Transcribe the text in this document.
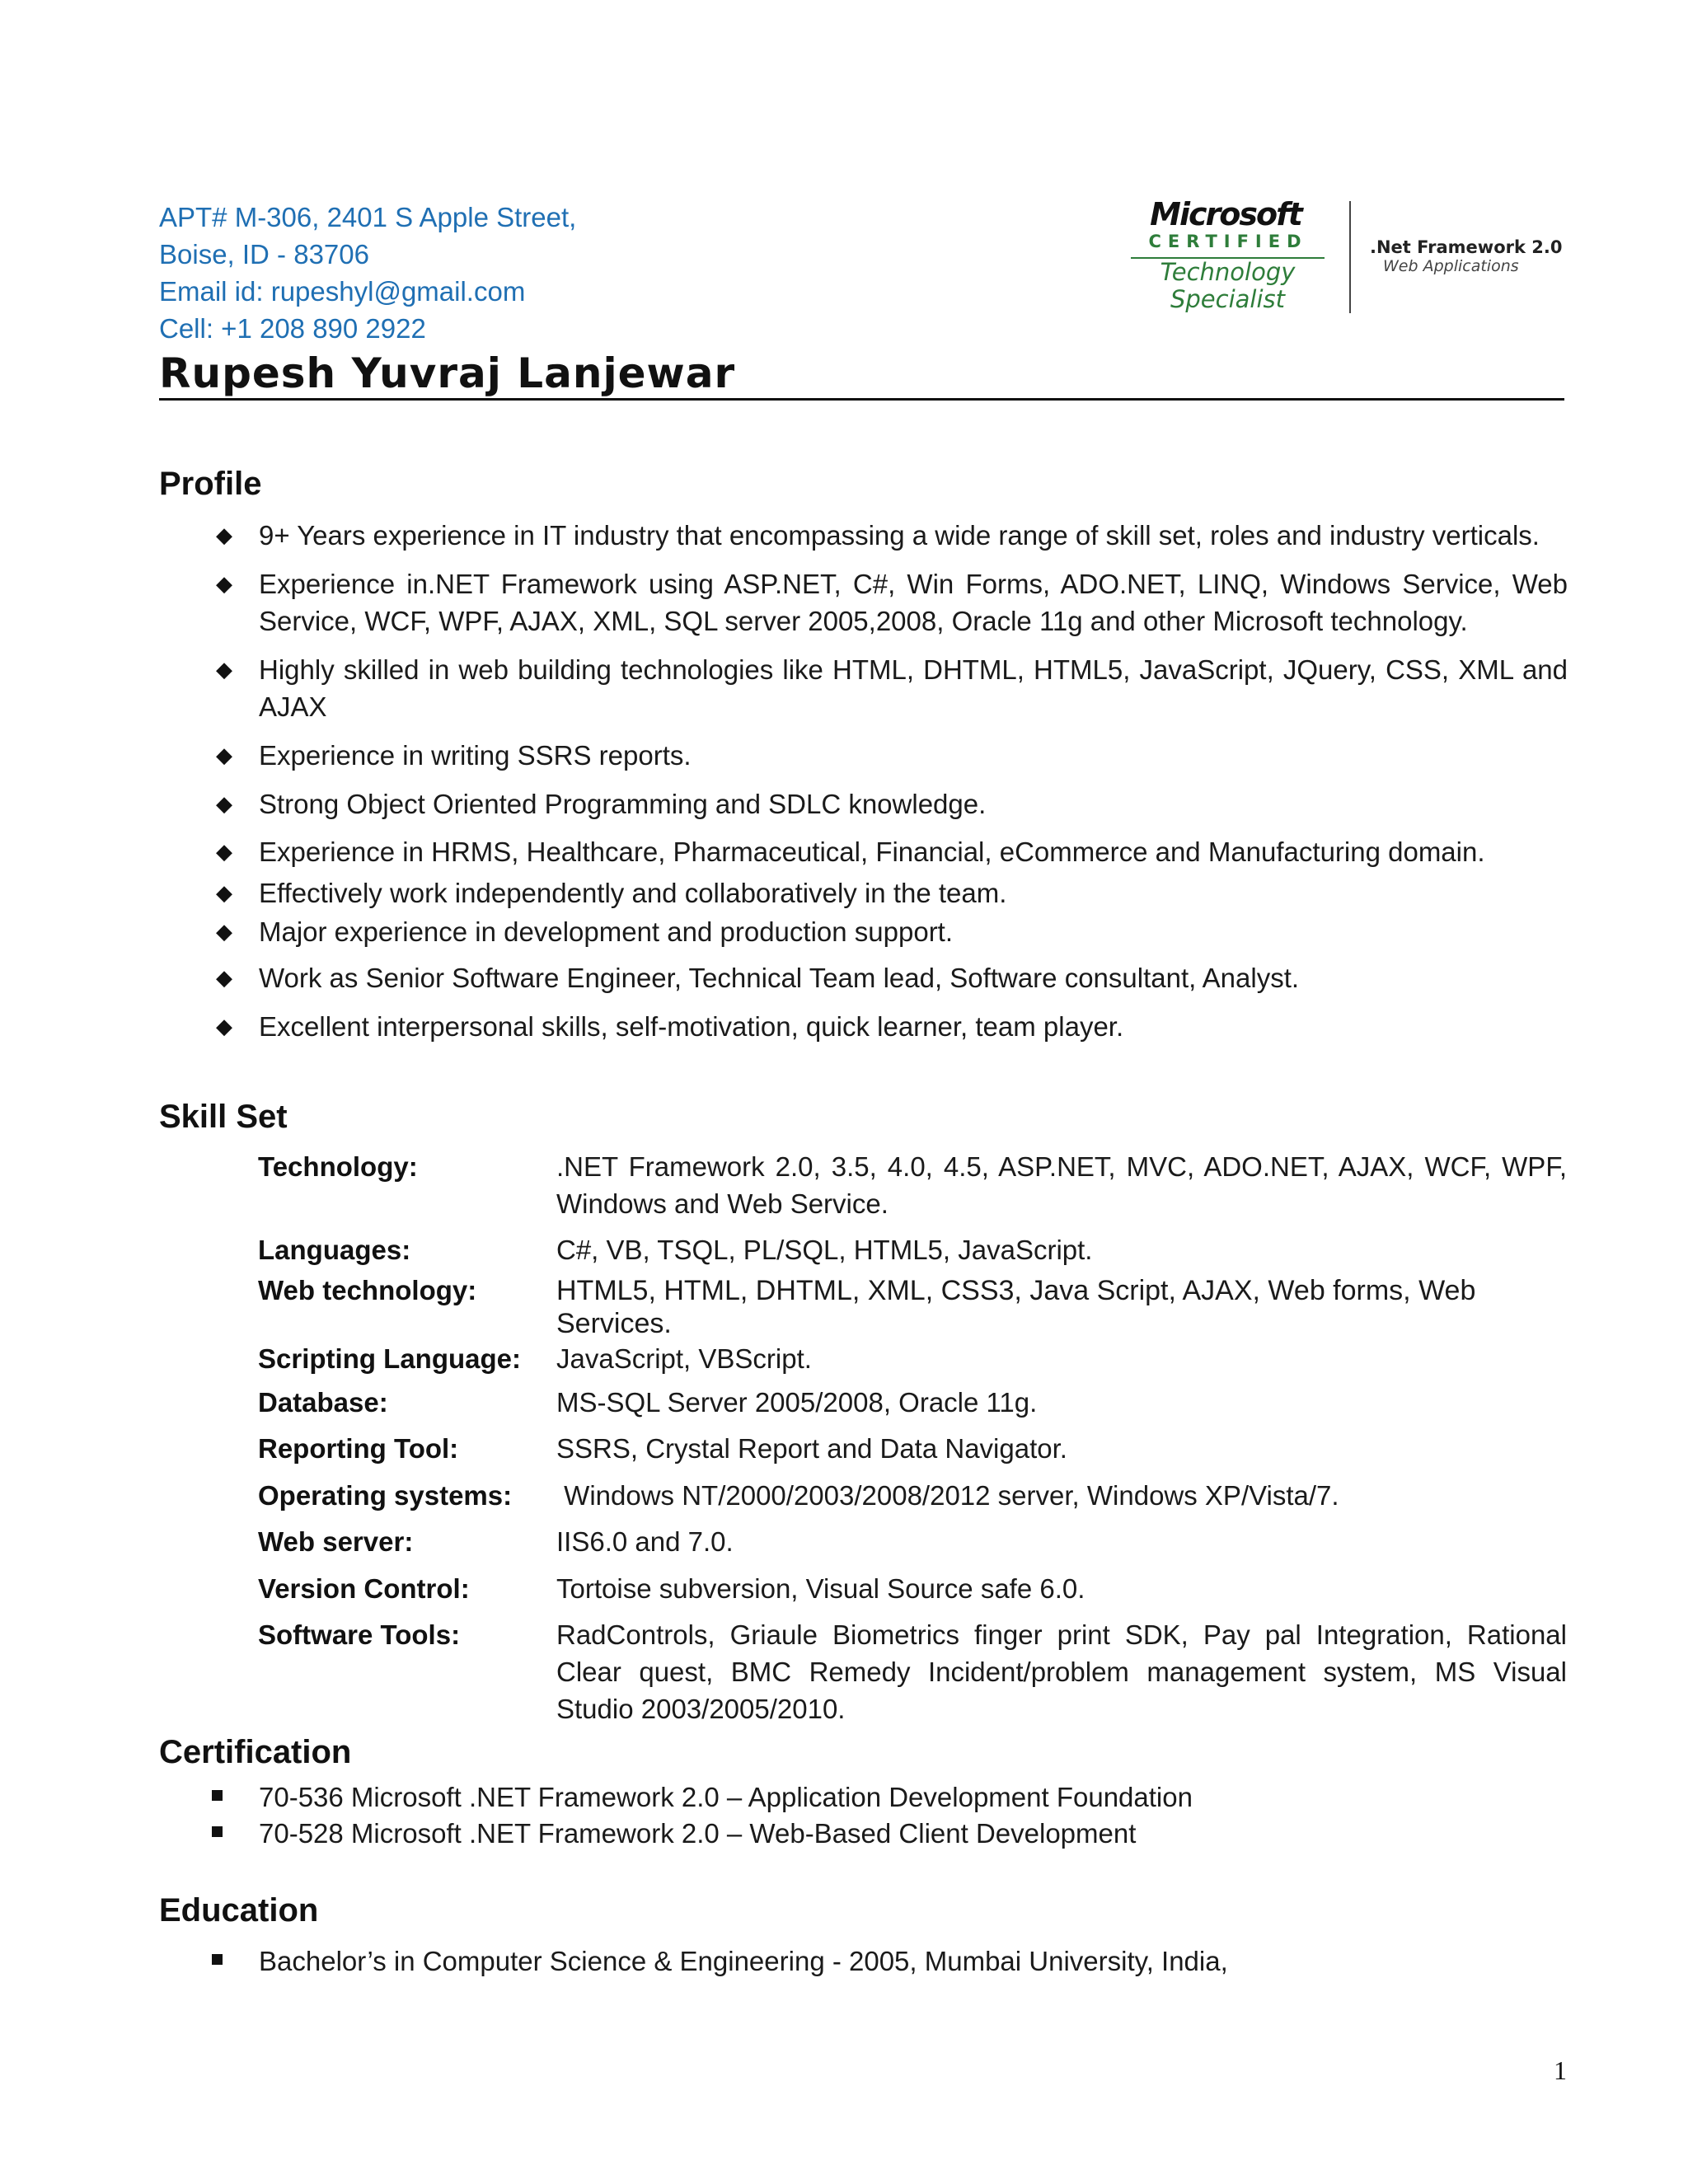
APT# M-306, 2401 S Apple Street,
Boise, ID - 83706
Email id: rupeshyl@gmail.com
Cell: +1 208 890 2922
Microsoft
CERTIFIED
Technology
Specialist
.Net Framework 2.0
Web Applications
Rupesh Yuvraj Lanjewar
Profile
◆ 9+ Years experience in IT industry that encompassing a wide range of skill set, roles and industry verticals.
◆ Experience in.NET Framework using ASP.NET, C#, Win Forms, ADO.NET, LINQ, Windows Service, Web Service, WCF, WPF, AJAX, XML, SQL server 2005,2008, Oracle 11g and other Microsoft technology.
◆ Highly skilled in web building technologies like HTML, DHTML, HTML5, JavaScript, JQuery, CSS, XML and AJAX
◆ Experience in writing SSRS reports.
◆ Strong Object Oriented Programming and SDLC knowledge.
◆ Experience in HRMS, Healthcare, Pharmaceutical, Financial, eCommerce and Manufacturing domain.
◆ Effectively work independently and collaboratively in the team.
◆ Major experience in development and production support.
◆ Work as Senior Software Engineer, Technical Team lead, Software consultant, Analyst.
◆ Excellent interpersonal skills, self-motivation, quick learner, team player.
Skill Set
Technology:	.NET Framework 2.0, 3.5, 4.0, 4.5, ASP.NET, MVC, ADO.NET, AJAX, WCF, WPF, Windows and Web Service.
Languages:	C#, VB, TSQL, PL/SQL, HTML5, JavaScript.
Web technology:	HTML5, HTML, DHTML, XML, CSS3, Java Script, AJAX, Web forms, Web Services.
Scripting Language: JavaScript, VBScript.
Database:	MS-SQL Server 2005/2008, Oracle 11g.
Reporting Tool:	SSRS, Crystal Report and Data Navigator.
Operating systems: Windows NT/2000/2003/2008/2012 server, Windows XP/Vista/7.
Web server:	IIS6.0 and 7.0.
Version Control:	Tortoise subversion, Visual Source safe 6.0.
Software Tools:	RadControls, Griaule Biometrics finger print SDK, Pay pal Integration, Rational Clear quest, BMC Remedy Incident/problem management system, MS Visual Studio 2003/2005/2010.
Certification
70-536 Microsoft .NET Framework 2.0 – Application Development Foundation
70-528 Microsoft .NET Framework 2.0 – Web-Based Client Development
Education
Bachelor’s in Computer Science & Engineering - 2005, Mumbai University, India,
1
